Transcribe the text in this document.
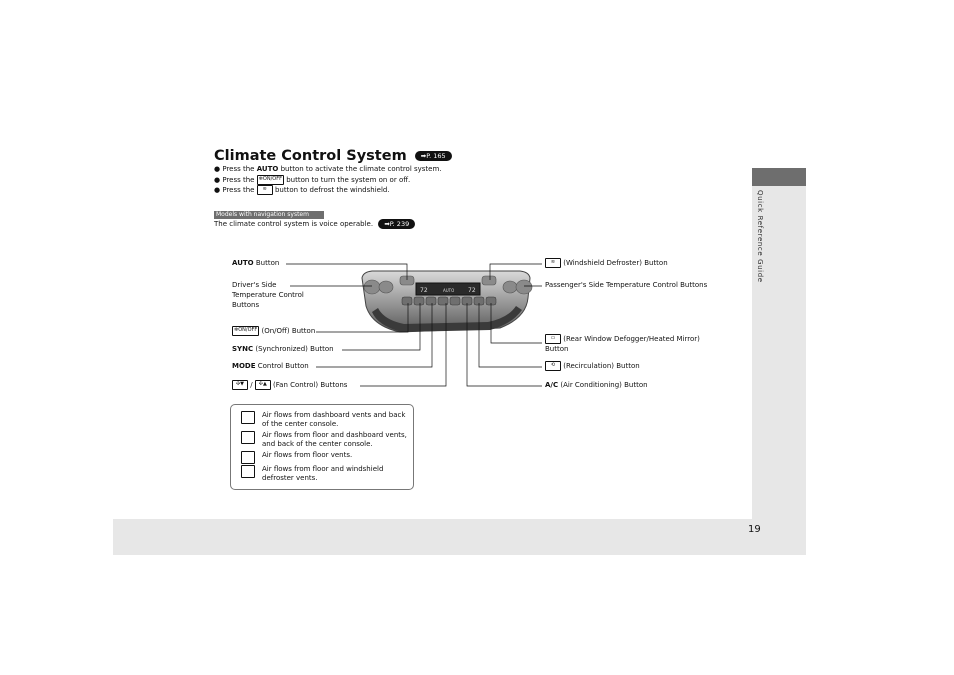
Quick Reference Guide
19
Climate Control System ➡P. 165
● Press the AUTO button to activate the climate control system.
● Press the ❄ON/OFF button to turn the system on or off.
● Press the ≋ button to defrost the windshield.
Models with navigation system
The climate control system is voice operable. ➡P. 239
72	AUTO 72
AUTO Button
Driver's Side Temperature Control Buttons
❄ON/OFF (On/Off) Button
SYNC (Synchronized) Button
MODE Control Button
✣▼ / ✣▲ (Fan Control) Buttons
≋ (Windshield Defroster) Button
Passenger's Side Temperature Control Buttons
▭ (Rear Window Defogger/Heated Mirror) Button
⟲ (Recirculation) Button
A/C (Air Conditioning) Button
Air flows from dashboard vents and back of the center console.
Air flows from floor and dashboard vents, and back of the center console.
Air flows from floor vents.
Air flows from floor and windshield defroster vents.
